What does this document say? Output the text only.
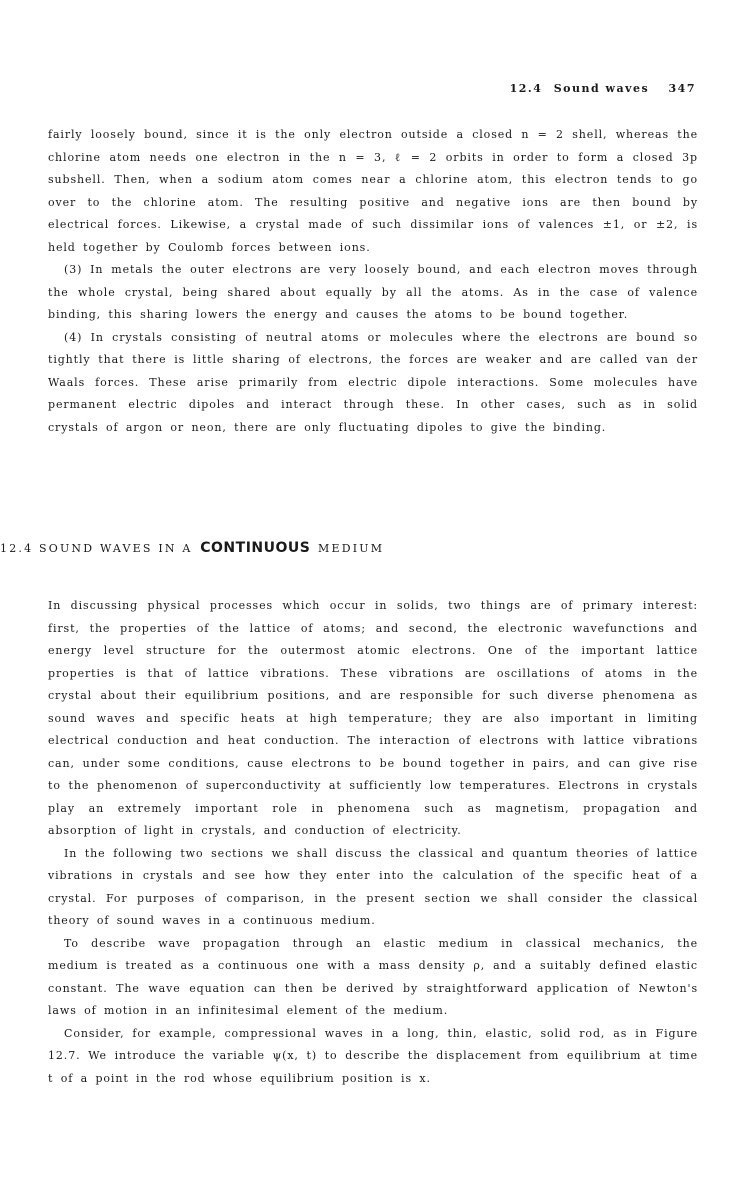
12.4 Sound waves 347

fairly loosely bound, since it is the only electron outside a closed n = 2 shell, whereas the chlorine atom needs one electron in the n = 3, ℓ = 2 orbits in order to form a closed 3p subshell. Then, when a sodium atom comes near a chlorine atom, this electron tends to go over to the chlorine atom. The resulting positive and negative ions are then bound by electrical forces. Likewise, a crystal made of such dissimilar ions of valences ±1, or ±2, is held together by Coulomb forces between ions.

(3) In metals the outer electrons are very loosely bound, and each electron moves through the whole crystal, being shared about equally by all the atoms. As in the case of valence binding, this sharing lowers the energy and causes the atoms to be bound together.

(4) In crystals consisting of neutral atoms or molecules where the electrons are bound so tightly that there is little sharing of electrons, the forces are weaker and are called van der Waals forces. These arise primarily from electric dipole interactions. Some molecules have permanent electric dipoles and interact through these. In other cases, such as in solid crystals of argon or neon, there are only fluctuating dipoles to give the binding.

12.4 SOUND WAVES IN A CONTINUOUS MEDIUM

In discussing physical processes which occur in solids, two things are of primary interest: first, the properties of the lattice of atoms; and second, the electronic wavefunctions and energy level structure for the outermost atomic electrons. One of the important lattice properties is that of lattice vibrations. These vibrations are oscillations of atoms in the crystal about their equilibrium positions, and are responsible for such diverse phenomena as sound waves and specific heats at high temperature; they are also important in limiting electrical conduction and heat conduction. The interaction of electrons with lattice vibrations can, under some conditions, cause electrons to be bound together in pairs, and can give rise to the phenomenon of superconductivity at sufficiently low temperatures. Electrons in crystals play an extremely important role in phenomena such as magnetism, propagation and absorption of light in crystals, and conduction of electricity.

In the following two sections we shall discuss the classical and quantum theories of lattice vibrations in crystals and see how they enter into the calculation of the specific heat of a crystal. For purposes of comparison, in the present section we shall consider the classical theory of sound waves in a continuous medium.

To describe wave propagation through an elastic medium in classical mechanics, the medium is treated as a continuous one with a mass density ρ, and a suitably defined elastic constant. The wave equation can then be derived by straightforward application of Newton's laws of motion in an infinitesimal element of the medium.

Consider, for example, compressional waves in a long, thin, elastic, solid rod, as in Figure 12.7. We introduce the variable ψ(x, t) to describe the displacement from equilibrium at time t of a point in the rod whose equilibrium position is x.
